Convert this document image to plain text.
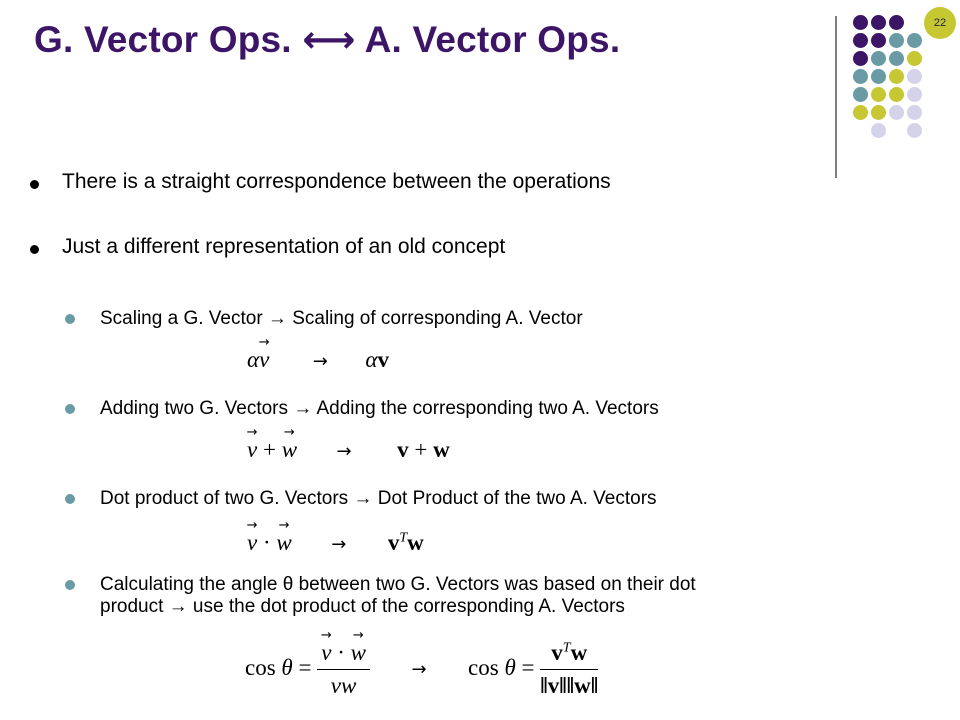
G. Vector Ops. ⟷ A. Vector Ops.	22
There is a straight correspondence between the operations
Just a different representation of an old concept
Scaling a G. Vector → Scaling of corresponding A. Vector
α→ v → αv
Adding two G. Vectors → Adding the corresponding two A. Vectors
→ v + → w → v + w
Dot product of two G. Vectors → Dot Product of the two A. Vectors
→ v · → $w \to v^Tw$
Calculating the angle θ between two G. Vectors was based on their dot
product → use the dot product of the corresponding A. Vectors
cos θ = → $\frac{v \cdot \to w}{vw} \to \cos \theta = \frac{v^Tw}{‖v‖‖w‖}$
